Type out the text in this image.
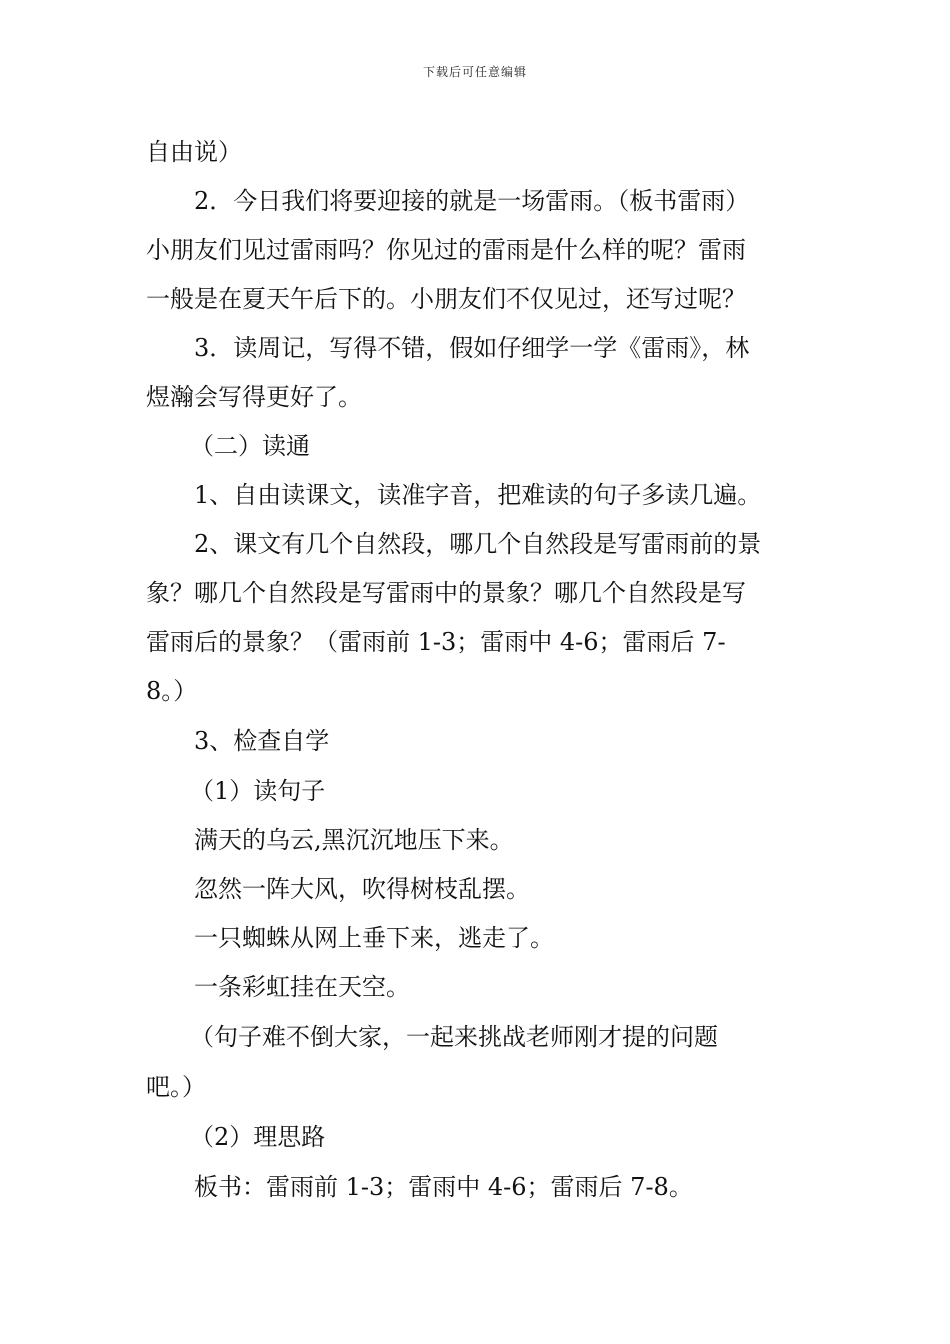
下载后可任意编辑
自由说）
2．今日我们将要迎接的就是一场雷雨。（板书雷雨）
小朋友们见过雷雨吗？你见过的雷雨是什么样的呢？雷雨
一般是在夏天午后下的。小朋友们不仅见过，还写过呢？
3．读周记，写得不错，假如仔细学一学《雷雨》，林
煜瀚会写得更好了。
（二）读通
1、自由读课文，读准字音，把难读的句子多读几遍。
2、课文有几个自然段，哪几个自然段是写雷雨前的景
象？哪几个自然段是写雷雨中的景象？哪几个自然段是写
雷雨后的景象？（雷雨前 1-3；雷雨中 4-6；雷雨后 7-
8。）
3、检查自学
（1）读句子
满天的乌云,黑沉沉地压下来。
忽然一阵大风，吹得树枝乱摆。
一只蜘蛛从网上垂下来，逃走了。
一条彩虹挂在天空。
（句子难不倒大家，一起来挑战老师刚才提的问题
吧。）
（2）理思路
板书：雷雨前 1-3；雷雨中 4-6；雷雨后 7-8。
